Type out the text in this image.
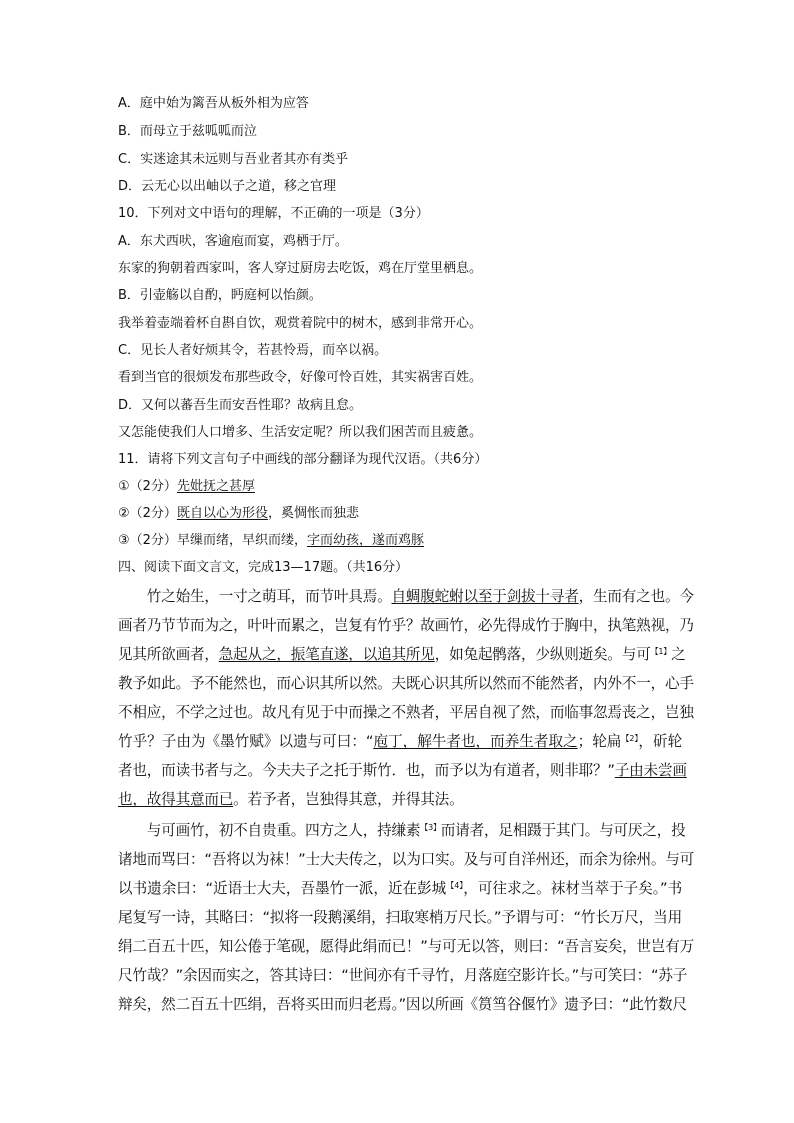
A．庭中始为篱吾从板外相为应答
B．而母立于兹呱呱而泣
C．实迷途其未远则与吾业者其亦有类乎
D．云无心以出岫以子之道，移之官理
10．下列对文中语句的理解，不正确的一项是（3分）
A．东犬西吠，客逾庖而宴，鸡栖于厅。
东家的狗朝着西家叫，客人穿过厨房去吃饭，鸡在厅堂里栖息。
B．引壶觞以自酌，眄庭柯以怡颜。
我举着壶端着杯自斟自饮，观赏着院中的树木，感到非常开心。
C．见长人者好烦其令，若甚怜焉，而卒以祸。
看到当官的很烦发布那些政令，好像可怜百姓，其实祸害百姓。
D．又何以蕃吾生而安吾性耶？故病且怠。
又怎能使我们人口增多、生活安定呢？所以我们困苦而且疲惫。
11．请将下列文言句子中画线的部分翻译为现代汉语。（共6分）
①（2分）先妣抚之甚厚
②（2分）既自以心为形役，奚惆怅而独悲
③（2分）早缫而绪，早织而缕，字而幼孩，遂而鸡豚
四、阅读下面文言文，完成13—17题。（共16分）
　　竹之始生，一寸之萌耳，而节叶具焉。自蜩腹蛇蚹以至于剑拔十寻者，生而有之也。今
画者乃节节而为之，叶叶而累之，岂复有竹乎？故画竹，必先得成竹于胸中，执笔熟视，乃
见其所欲画者，急起从之，振笔直遂，以追其所见，如兔起鹘落，少纵则逝矣。与可$^{【1】}$之
教予如此。予不能然也，而心识其所以然。夫既心识其所以然而不能然者，内外不一，心手
不相应，不学之过也。故凡有见于中而操之不熟者，平居自视了然，而临事忽焉丧之，岂独
竹乎？子由为《墨竹赋》以遗与可曰：“庖丁，解牛者也，而养生者取之；轮扁$^{【2】}$，斫轮
者也，而读书者与之。今夫夫子之托于斯竹．也，而予以为有道者，则非耶？”子由未尝画
也，故得其意而已。若予者，岂独得其意，并得其法。
　　与可画竹，初不自贵重。四方之人，持缣素$^{【3】}$而请者，足相蹑于其门。与可厌之，投
诸地而骂曰：“吾将以为袜！”士大夫传之，以为口实。及与可自洋州还，而余为徐州。与可
以书遗余曰：“近语士大夫，吾墨竹一派，近在彭城$^{【4】}$，可往求之。袜材当萃于子矣。”书
尾复写一诗，其略曰：“拟将一段鹅溪绢，扫取寒梢万尺长。”予谓与可：“竹长万尺，当用
绢二百五十匹，知公倦于笔砚，愿得此绢而已！”与可无以答，则曰：“吾言妄矣，世岂有万
尺竹哉？”余因而实之，答其诗曰：“世间亦有千寻竹，月落庭空影许长。”与可笑曰：“苏子
辩矣，然二百五十匹绢，吾将买田而归老焉。”因以所画《筼筜谷偃竹》遗予曰：“此竹数尺
